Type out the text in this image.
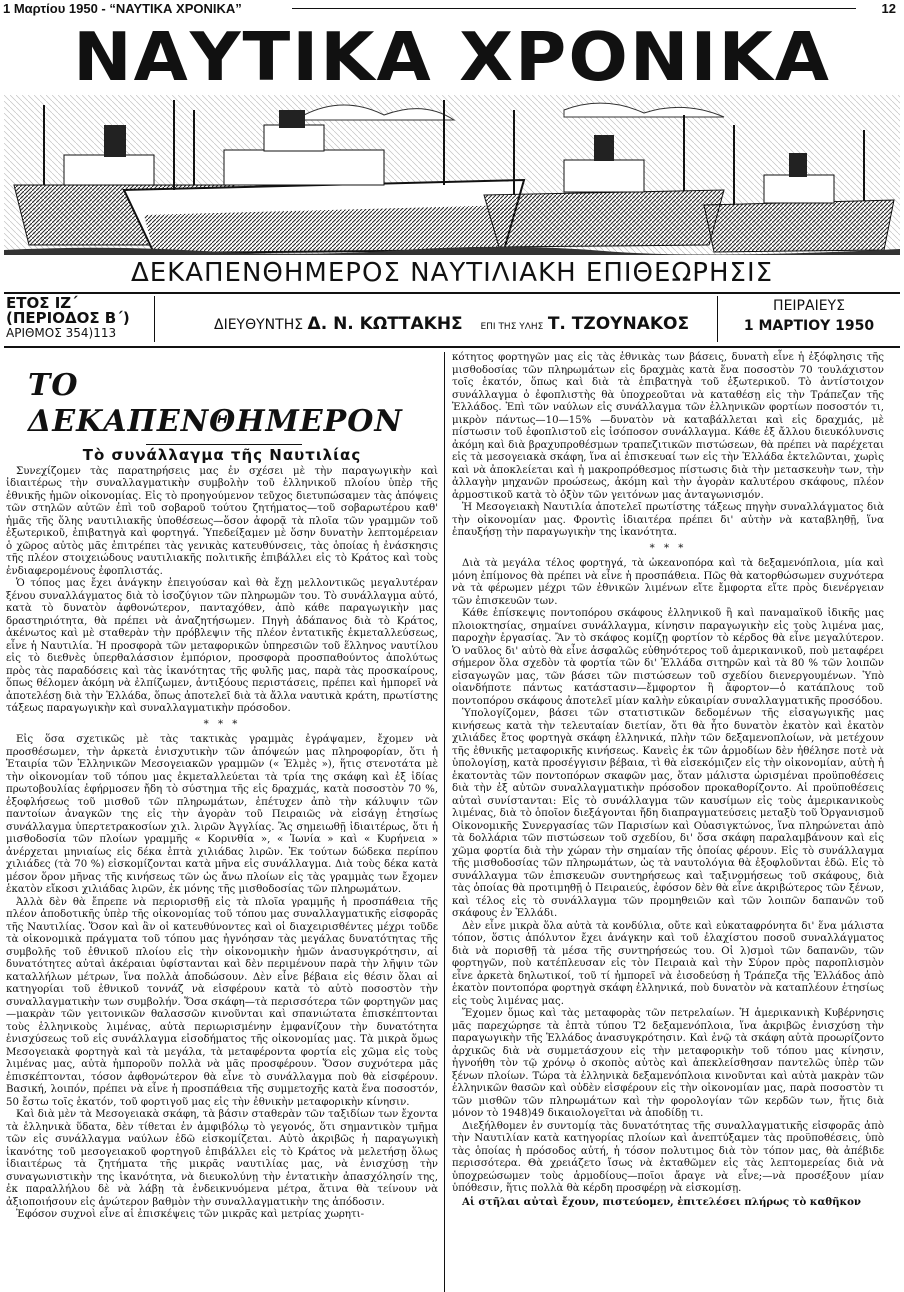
1 Μαρτίου 1950 - “ΝΑΥΤΙΚΑ ΧΡΟΝΙΚΑ”	12
ΝΑΥΤΙΚΑ ΧΡΟΝΙΚΑ
ΔΕΚΑΠΕΝΘΗΜΕΡΟΣ ΝΑΥΤΙΛΙΑΚΗ ΕΠΙΘΕΩΡΗΣΙΣ
ΕΤΟΣ ΙΖ΄ (ΠΕΡΙΟΔΟΣ Β΄)
ΑΡΙΘΜΟΣ 354)113	ΔΙΕΥΘΥΝΤΗΣ Δ. Ν. ΚΩΤΤΑΚΗΣ ΕΠΙ ΤΗΣ ΥΛΗΣ Τ. ΤΖΟΥΝΑΚΟΣ
ΠΕΙΡΑΙΕΥΣ
1 ΜΑΡΤΙΟΥ 1950
ΤΟ ΔΕΚΑΠΕΝΘΗΜΕΡΟΝ
Τὸ συνάλλαγμα τῆς Ναυτιλίας

Συνεχίζομεν τὰς παρατηρήσεις μας ἐν σχέσει μὲ τὴν παραγωγικὴν καὶ ἰδιαιτέρως τὴν συναλλαγματικὴν συμβολὴν τοῦ ἑλληνικοῦ πλοίου ὑπὲρ τῆς ἐθνικῆς ἡμῶν οἰκονομίας. Εἰς τὸ προηγούμενον τεῦχος διετυπώσαμεν τὰς ἀπόψεις τῶν στηλῶν αὐτῶν ἐπὶ τοῦ σοβαροῦ τούτου ζητήματος—τοῦ σοβαρωτέρου καθ' ἡμᾶς τῆς ὅλης ναυτιλιακῆς ὑποθέσεως—ὅσον ἀφορᾷ τὰ πλοῖα τῶν γραμμῶν τοῦ ἐξωτερικοῦ, ἐπιβατηγὰ καὶ φορτηγά. Ὑπεδείξαμεν μὲ ὅσην δυνατὴν λεπτομέρειαν ὁ χῶρος αὐτὸς μᾶς ἐπιτρέπει τὰς γενικὰς κατευθύνσεις, τὰς ὁποίας ἡ ἐνάσκησις τῆς πλέον στοιχειώδους ναυτιλιακῆς πολιτικῆς ἐπιβάλλει εἰς τὸ Κράτος καὶ τοὺς ἐνδιαφερομένους ἐφοπλιστάς.

Ὁ τόπος μας ἔχει ἀνάγκην ἐπειγούσαν καὶ θὰ ἔχῃ μελλοντικῶς μεγαλυτέραν ξένου συναλλάγματος διὰ τὸ ἰσοζύγιον τῶν πληρωμῶν του. Τὸ συνάλλαγμα αὐτό, κατὰ τὸ δυνατὸν ἀφθονώτερον, πανταχόθεν, ἀπὸ κάθε παραγωγικὴν μας δραστηριότητα, θὰ πρέπει νὰ ἀναζητήσωμεν. Πηγὴ ἀδάπανος διὰ τὸ Κράτος, ἀκένωτος καὶ μὲ σταθερὰν τὴν πρόβλεψιν τῆς πλέον ἐντατικῆς ἐκμεταλλεύσεως, εἶνε ἡ Ναυτιλία. Ἡ προσφορὰ τῶν μεταφορικῶν ὑπηρεσιῶν τοῦ ἕλληνος ναυτίλου εἰς τὸ διεθνὲς ὑπερθαλάσσιον ἐμπόριον, προσφορὰ προσπαθούντος ἀπολύτως πρὸς τὰς παραδόσεις καὶ τὰς ἰκανότητας τῆς φυλῆς μας, παρὰ τὰς προσκαίρους, ὅπως θέλομεν ἀκόμη νὰ ἐλπίζωμεν, ἀντιξόους περιστάσεις, πρέπει καὶ ἠμπορεῖ νὰ ἀποτελέσῃ διὰ τὴν Ἑλλάδα, ὅπως ἀποτελεῖ διὰ τὰ ἄλλα ναυτικὰ κράτη, πρωτίστης τάξεως παραγωγικὴν καὶ συναλλαγματικὴν πρόσοδον.

* * *

Εἰς ὅσα σχετικῶς μὲ τὰς τακτικὰς γραμμὰς ἐγράψαμεν, ἔχομεν νὰ προσθέσωμεν, τὴν ἀρκετὰ ἐνισχυτικὴν τῶν ἀπόψεών μας πληροφορίαν, ὅτι ἡ Ἑταιρία τῶν Ἑλληνικῶν Μεσογειακῶν γραμμῶν (« Ἑλμὲς »), ἥτις στενοτάτα μὲ τὴν οἰκονομίαν τοῦ τόπου μας ἐκμεταλλεύεται τὰ τρία της σκάφη καὶ ἐξ ἰδίας πρωτοβουλίας ἐφήρμοσεν ἤδη τὸ σύστημα τῆς εἰς δραχμάς, κατὰ ποσοστὸν 70 %, ἐξοφλήσεως τοῦ μισθοῦ τῶν πληρωμάτων, ἐπέτυχεν ἀπὸ τὴν κάλυψιν τῶν παντοίων ἀναγκῶν της εἰς τὴν ἀγορὰν τοῦ Πειραιῶς νὰ εἰσάγῃ ἐτησίως συνάλλαγμα ὑπερτετρακοσίων χιλ. λιρῶν Ἀγγλίας. Ἂς σημειωθῇ ἰδιαιτέρως, ὅτι ἡ μισθοδοσία τῶν πλοίων γραμμῆς « Κορινθία », « Ἰωνία » καὶ « Κυρήνεια » ἀνέρχεται μηνιαίως εἰς δέκα ἑπτὰ χιλιάδας λιρῶν. Ἐκ τούτων δώδεκα περίπου χιλιάδες (τὰ 70 %) εἰσκομίζονται κατὰ μῆνα εἰς συνάλλαγμα. Διὰ τοὺς δέκα κατὰ μέσον ὅρον μῆνας τῆς κινήσεως τῶν ὡς ἄνω πλοίων εἰς τὰς γραμμὰς των ἔχομεν ἑκατὸν εἴκοσι χιλιάδας λιρῶν, ἐκ μόνης τῆς μισθοδοσίας τῶν πληρωμάτων.

Ἀλλὰ δὲν θὰ ἔπρεπε νὰ περιορισθῇ εἰς τὰ πλοῖα γραμμῆς ἡ προσπάθεια τῆς πλέον ἀποδοτικῆς ὑπὲρ τῆς οἰκονομίας τοῦ τόπου μας συναλλαγματικῆς εἰσφορᾶς τῆς Ναυτιλίας. Ὅσον καὶ ἂν οἱ κατευθύνοντες καὶ οἱ διαχειρισθέντες μέχρι τοῦδε τὰ οἰκονομικὰ πράγματα τοῦ τόπου μας ἠγνόησαν τὰς μεγάλας δυνατότητας τῆς συμβολῆς τοῦ ἐθνικοῦ πλοίου εἰς τὴν οἰκονομικὴν ἡμῶν ἀνασυγκρότησιν, αἱ δυνατότητες αὐταὶ ἀκέραιαι ὑφίστανται καὶ δὲν περιμένουν παρὰ τὴν λῆψιν τῶν καταλλήλων μέτρων, ἵνα πολλὰ ἀποδώσουν. Δὲν εἶνε βέβαια εἰς θέσιν ὅλαι αἱ κατηγορίαι τοῦ ἐθνικοῦ τοννάζ νὰ εἰσφέρουν κατὰ τὸ αὐτὸ ποσοστὸν τὴν συναλλαγματικὴν των συμβολήν. Ὅσα σκάφη—τὰ περισσότερα τῶν φορτηγῶν μας—μακρὰν τῶν γειτονικῶν θαλασσῶν κινοῦνται καὶ σπανιώτατα ἐπισκέπτονται τοὺς ἑλληνικοὺς λιμένας, αὐτὰ περιωρισμένην ἐμφανίζουν τὴν δυνατότητα ἐνισχύσεως τοῦ εἰς συνάλλαγμα εἰσοδήματος τῆς οἰκονομίας μας. Τὰ μικρὰ ὅμως Μεσογειακὰ φορτηγὰ καὶ τὰ μεγάλα, τὰ μεταφέροντα φορτία εἰς χῶμα εἰς τοὺς λιμένας μας, αὐτὰ ἠμποροῦν πολλὰ νὰ μᾶς προσφέρουν. Ὅσον συχνότερα μᾶς ἐπισκέπτονται, τόσον ἀφθονώτερον θὰ εἶνε τὸ συνάλλαγμα ποὺ θὰ εἰσφέρουν. Βασική, λοιπόν, πρέπει νὰ εἶνε ἡ προσπάθεια τῆς συμμετοχῆς κατὰ ἕνα ποσοστόν, 50 ἔστω τοῖς ἑκατόν, τοῦ φορτιγοῦ μας εἰς τὴν ἐθνικὴν μεταφορικὴν κίνησιν.

Καὶ διὰ μὲν τὰ Μεσογειακὰ σκάφη, τὰ βάσιν σταθερὰν τῶν ταξιδίων των ἔχοντα τὰ ἑλληνικὰ ὕδατα, δὲν τίθεται ἐν ἀμφιβόλῳ τὸ γεγονός, ὅτι σημαντικὸν τμῆμα τῶν εἰς συνάλλαγμα ναύλων ἐδῶ εἰσκομίζεται. Αὐτὸ ἀκριβῶς ἡ παραγωγικὴ ἰκανότης τοῦ μεσογειακοῦ φορτηγοῦ ἐπιβάλλει εἰς τὸ Κράτος νὰ μελετήσῃ ὅλως ἰδιαιτέρως τὰ ζητήματα τῆς μικρᾶς ναυτιλίας μας, νὰ ἐνισχύσῃ τὴν συναγωνιστικὴν της ἰκανότητα, νὰ διευκολύνῃ τὴν ἐντατικὴν ἀπασχόλησίν της, ἐκ παραλλήλου δὲ νὰ λάβῃ τὰ ἐνδεικνυόμενα μέτρα, ἅτινα θὰ τείνουν νὰ ἀξιοποιήσουν εἰς ἀνώτερον βαθμὸν τὴν συναλλαγματικὴν της ἀπόδοσιν.

Ἐφόσον συχνοὶ εἶνε αἱ ἐπισκέψεις τῶν μικρᾶς καὶ μετρίας χωρητι-

κότητος φορτηγῶν μας εἰς τὰς ἐθνικὰς των βάσεις, δυνατὴ εἶνε ἡ ἐξόφλησις τῆς μισθοδοσίας τῶν πληρωμάτων εἰς δραχμὰς κατὰ ἕνα ποσοστὸν 70 τουλάχιστον τοῖς ἑκατόν, ὅπως καὶ διὰ τὰ ἐπιβατηγὰ τοῦ ἐξωτερικοῦ. Τὸ ἀντίστοιχον συνάλλαγμα ὁ ἐφοπλιστὴς θὰ ὑποχρεοῦται νὰ καταθέσῃ εἰς τὴν Τράπεζαν τῆς Ἑλλάδος. Ἐπὶ τῶν ναύλων εἰς συνάλλαγμα τῶν ἑλληνικῶν φορτίων ποσοστόν τι, μικρὸν πάντως—10—15% —δυνατὸν νὰ καταβάλλεται καὶ εἰς δραχμάς, μὲ πίστωσιν τοῦ ἐφοπλιστοῦ εἰς ἰσόποσον συνάλλαγμα. Κάθε ἐξ ἄλλου διευκόλυνσις ἀκόμη καὶ διὰ βραχυπροθέσμων τραπεζιτικῶν πιστώσεων, θὰ πρέπει νὰ παρέχεται εἰς τὰ μεσογειακὰ σκάφη, ἵνα αἱ ἐπισκευαί των εἰς τὴν Ἑλλάδα ἐκτελῶνται, χωρὶς καὶ νὰ ἀποκλείεται καὶ ἡ μακροπρόθεσμος πίστωσις διὰ τὴν μετασκευὴν των, τὴν ἀλλαγὴν μηχανῶν προώσεως, ἀκόμη καὶ τὴν ἀγορὰν καλυτέρου σκάφους, πλέον ἁρμοστικοῦ κατὰ τὸ ὀξὺν τῶν γειτόνων μας ἀνταγωνισμόν.

Ἡ Μεσογειακὴ Ναυτιλία ἀποτελεῖ πρωτίστης τάξεως πηγὴν συναλλάγματος διὰ τὴν οἰκονομίαν μας. Φροντὶς ἰδιαιτέρα πρέπει δι' αὐτὴν νὰ καταβληθῇ, ἵνα ἐπαυξήσῃ τὴν παραγωγικὴν της ἰκανότητα.

* * *

Διὰ τὰ μεγάλα τέλος φορτηγά, τὰ ὠκεανοπόρα καὶ τὰ δεξαμενόπλοια, μία καὶ μόνη ἐπίμονος θὰ πρέπει νὰ εἶνε ἡ προσπάθεια. Πῶς θὰ κατορθώσωμεν συχνότερα νὰ τὰ φέρωμεν μέχρι τῶν ἐθνικῶν λιμένων εἴτε ἔμφορτα εἴτε πρὸς διενέργειαν τῶν ἐπισκευῶν των.

Κάθε ἐπίσκεψις ποντοπόρου σκάφους ἑλληνικοῦ ἢ καὶ παναμαϊκοῦ ἰδικῆς μας πλοιοκτησίας, σημαίνει συνάλλαγμα, κίνησιν παραγωγικὴν εἰς τοὺς λιμένα μας, παροχὴν ἐργασίας. Ἂν τὸ σκάφος κομίζῃ φορτίον τὸ κέρδος θὰ εἶνε μεγαλύτερον. Ὁ ναῦλος δι' αὐτὸ θὰ εἶνε ἀσφαλῶς εὐθηνότερος τοῦ ἀμερικανικοῦ, ποὺ μεταφέρει σήμερον ὅλα σχεδὸν τὰ φορτία τῶν δι' Ἑλλάδα σιτηρῶν καὶ τὰ 80 % τῶν λοιπῶν εἰσαγωγῶν μας, τῶν βάσει τῶν πιστώσεων τοῦ σχεδίου διενεργουμένων. Ὑπὸ οἰανδήποτε πάντως κατάστασιν—ἔμφορτον ἢ ἄφορτον—ὁ κατάπλους τοῦ ποντοπόρου σκάφους ἀποτελεῖ μίαν καλὴν εὐκαιρίαν συναλλαγματικῆς προσόδου.

Ὑπολογίζομεν, βάσει τῶν στατιστικῶν δεδομένων τῆς εἰσαγωγικῆς μας κινήσεως κατὰ τὴν τελευταίαν διετίαν, ὅτι θὰ ἦτο δυνατὸν ἑκατὸν καὶ ἑκατὸν χιλιάδες ἔτος φορτηγὰ σκάφη ἑλληνικά, πλὴν τῶν δεξαμενοπλοίων, νὰ μετέχουν τῆς ἐθνικῆς μεταφορικῆς κινήσεως. Κανεὶς ἐκ τῶν ἁρμοδίων δὲν ἠθέλησε ποτὲ νὰ ὑπολογίσῃ, κατὰ προσέγγισιν βέβαια, τὶ θὰ εἰσεκόμιζεν εἰς τὴν οἰκονομίαν, αὐτὴ ἡ ἑκατοντὰς τῶν ποντοπόρων σκαφῶν μας, ὅταν μάλιστα ὡρισμέναι προϋποθέσεις διὰ τὴν ἐξ αὐτῶν συναλλαγματικὴν πρόσοδον προκαθορίζοντο. Αἱ προϋποθέσεις αὐταὶ συνίστανται: Εἰς τὸ συνάλλαγμα τῶν καυσίμων εἰς τοὺς ἀμερικανικοὺς λιμένας, διὰ τὸ ὁποῖον διεξάγονται ἤδη διαπραγματεύσεις μεταξὺ τοῦ Ὀργανισμοῦ Οἰκονομικῆς Συνεργασίας τῶν Παρισίων καὶ Οὐασιγκτώνος, ἵνα πληρώνεται ἀπὸ τὰ δολλάρια τῶν πιστώσεων τοῦ σχεδίου, δι' ὅσα σκάφη παραλαμβάνουν καὶ εἰς χῶμα φορτία διὰ τὴν χώραν τὴν σημαίαν τῆς ὁποίας φέρουν. Εἰς τὸ συνάλλαγμα τῆς μισθοδοσίας τῶν πληρωμάτων, ὡς τὰ ναυτολόγια θὰ ἐξοφλοῦνται ἐδῶ. Εἰς τὸ συνάλλαγμα τῶν ἐπισκευῶν συντηρήσεως καὶ ταξινομήσεως τοῦ σκάφους, διὰ τὰς ὁποίας θὰ προτιμηθῇ ὁ Πειραιεύς, ἐφόσον δὲν θὰ εἶνε ἀκριβώτερος τῶν ξένων, καὶ τέλος εἰς τὸ συνάλλαγμα τῶν προμηθειῶν καὶ τῶν λοιπῶν δαπανῶν τοῦ σκάφους ἐν Ἑλλάδι.

Δὲν εἶνε μικρὰ ὅλα αὐτὰ τὰ κονδύλια, οὔτε καὶ εὐκαταφρόνητα δι' ἕνα μάλιστα τόπον, ὅστις ἀπόλυτον ἔχει ἀνάγκην καὶ τοῦ ἐλαχίστου ποσοῦ συναλλάγματος διὰ νὰ πορισθῇ τὰ μέσα τῆς συντηρήσεώς του. Οἱ λ)σμοὶ τῶν δαπανῶν, τῶν φορτηγῶν, ποὺ κατέπλευσαν εἰς τὸν Πειραιὰ καὶ τὴν Σύρον πρὸς παροπλισμὸν εἶνε ἀρκετὰ δηλωτικοί, τοῦ τί ἠμπορεῖ νὰ ἐισοδεύσῃ ἡ Τράπεζα τῆς Ἑλλάδος ἀπὸ ἑκατὸν ποντοπόρα φορτηγὰ σκάφη ἑλληνικά, ποὺ δυνατὸν νὰ καταπλέουν ἐτησίως εἰς τοὺς λιμένας μας.

Ἔχομεν ὅμως καὶ τὰς μεταφορὰς τῶν πετρελαίων. Ἡ ἀμερικανικὴ Κυβέρνησις μᾶς παρεχώρησε τὰ ἑπτὰ τύπου Τ2 δεξαμενόπλοια, ἵνα ἀκριβῶς ἐνισχύσῃ τὴν παραγωγικὴν τῆς Ἑλλάδος ἀνασυγκρότησιν. Καὶ ἐνῷ τὰ σκάφη αὐτὰ προωρίζοντο ἀρχικῶς διὰ νὰ συμμετάσχουν εἰς τὴν μεταφορικὴν τοῦ τόπου μας κίνησιν, ἠγνοήθη τὸν τῷ χρόνῳ ὁ σκοπὸς αὐτὸς καὶ ἀπεκλείσθησαν παντελῶς ὑπὲρ τῶν ξένων πλοίων. Τώρα τὰ ἑλληνικὰ δεξαμενόπλοια κινοῦνται καὶ αὐτὰ μακρὰν τῶν ἑλληνικῶν θασῶν καὶ οὐδὲν εἰσφέρουν εἰς τὴν οἰκονομίαν μας, παρὰ ποσοστὸν τι τῶν μισθῶν τῶν πληρωμάτων καὶ τὴν φορολογίαν τῶν κερδῶν των, ἥτις διὰ μόνον τὸ 1948)49 δικαιολογεῖται νὰ ἀποδίδῃ τι.

Διεξήλθομεν ἐν συντομίᾳ τὰς δυνατότητας τῆς συναλλαγματικῆς εἰσφορᾶς ἀπὸ τὴν Ναυτιλίαν κατὰ κατηγορίας πλοίων καὶ ἀνεπτύξαμεν τὰς προϋποθέσεις, ὑπὸ τὰς ὁποίας ἡ πρόσοδος αὐτή, ἡ τόσον πολυτιμος διὰ τὸν τόπον μας, θὰ ἀπέβιδε περισσότερα. Θὰ χρειάζετο ἴσως νὰ ἐκταθῶμεν εἰς τὰς λεπτομερείας διὰ νὰ ὑποχρεώσωμεν τοὺς ἁρμοδίους—ποῖοι ἄραγε νὰ εἶνε;—νὰ προσέξουν μίαν ὑπόθεσιν, ἥτις πολλὰ θὰ κέρδη προσφέρῃ νὰ εἰσκομίσῃ.

Αἱ στῆλαι αὐταὶ ἔχουν, πιστεύομεν, ἐπιτελέσει πλήρως τὸ καθῆκον
